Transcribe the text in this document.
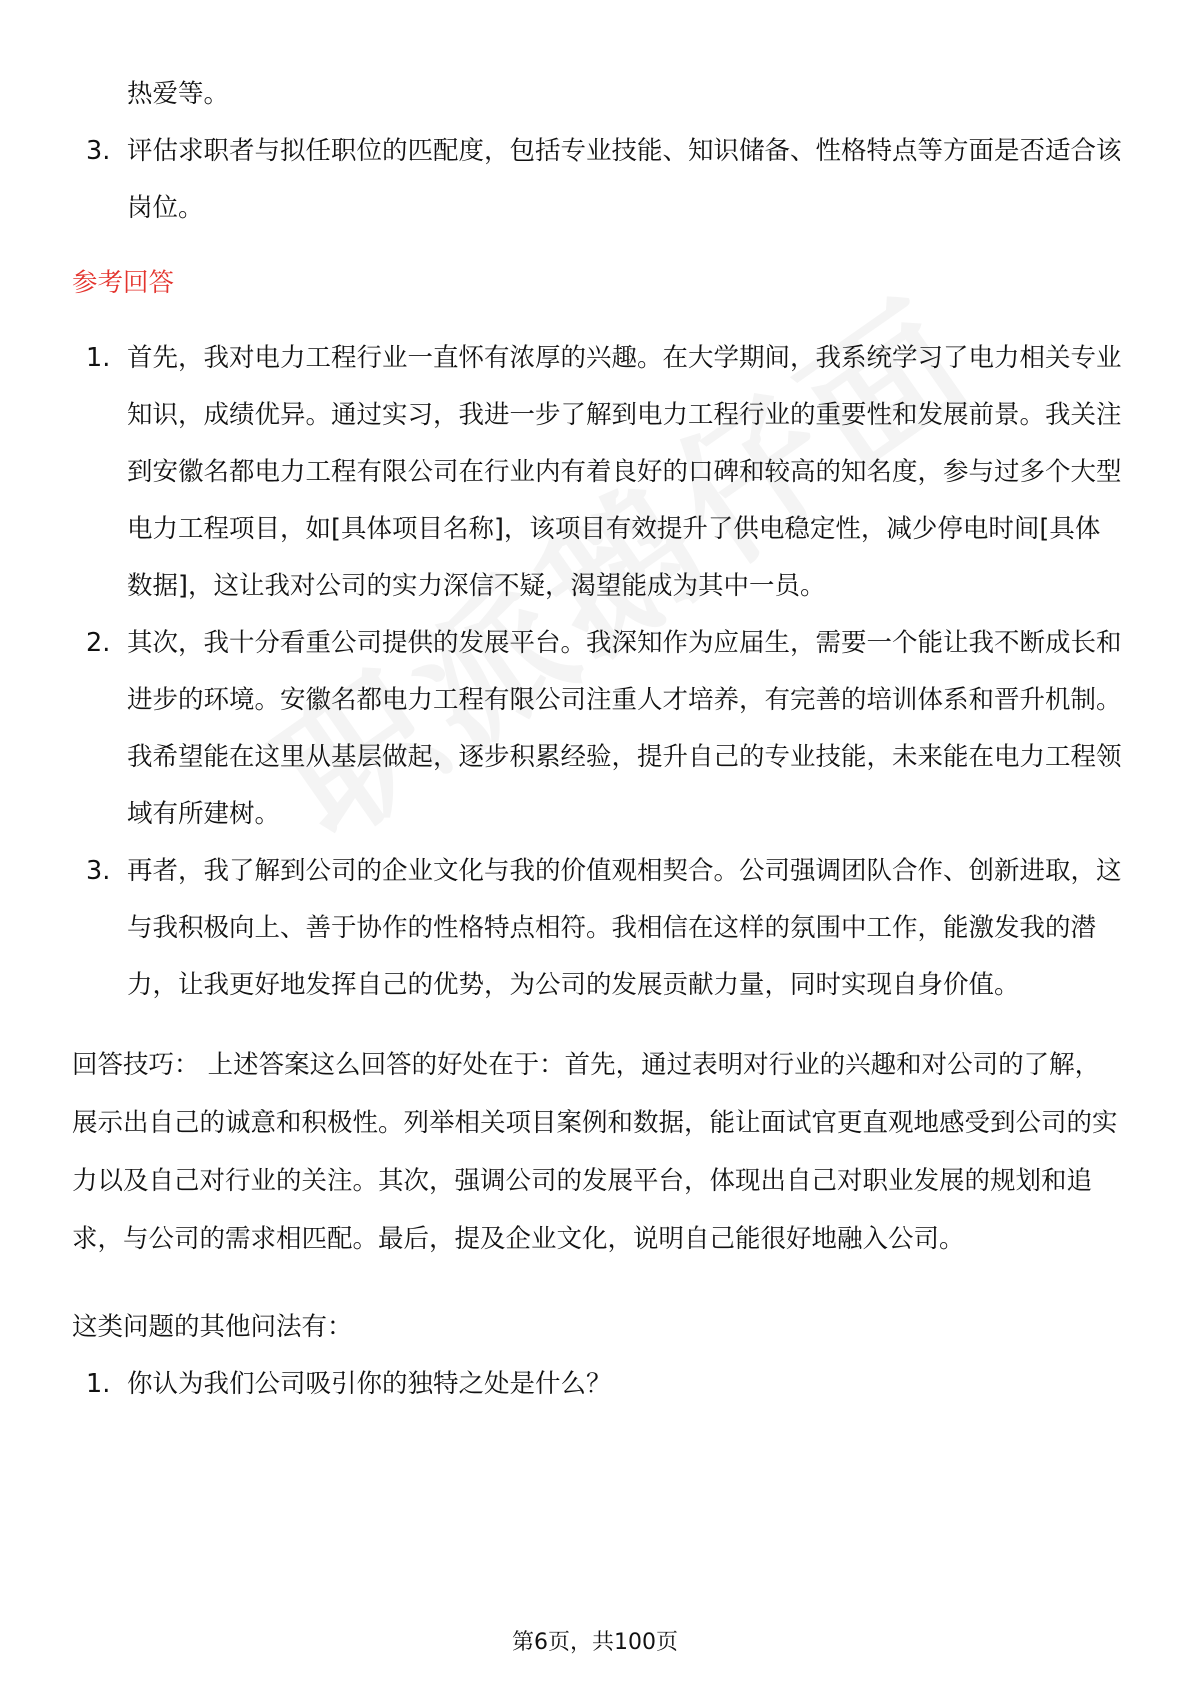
热爱等。
3. 评估求职者与拟任职位的匹配度，包括专业技能、知识储备、性格特点等方面是否适合该岗位。
参考回答
1. 首先，我对电力工程行业一直怀有浓厚的兴趣。在大学期间，我系统学习了电力相关专业知识，成绩优异。通过实习，我进一步了解到电力工程行业的重要性和发展前景。我关注到安徽名都电力工程有限公司在行业内有着良好的口碑和较高的知名度，参与过多个大型电力工程项目，如[具体项目名称]，该项目有效提升了供电稳定性，减少停电时间[具体数据]，这让我对公司的实力深信不疑，渴望能成为其中一员。
2. 其次，我十分看重公司提供的发展平台。我深知作为应届生，需要一个能让我不断成长和进步的环境。安徽名都电力工程有限公司注重人才培养，有完善的培训体系和晋升机制。我希望能在这里从基层做起，逐步积累经验，提升自己的专业技能，未来能在电力工程领域有所建树。
3. 再者，我了解到公司的企业文化与我的价值观相契合。公司强调团队合作、创新进取，这与我积极向上、善于协作的性格特点相符。我相信在这样的氛围中工作，能激发我的潜力，让我更好地发挥自己的优势，为公司的发展贡献力量，同时实现自身价值。
回答技巧： 上述答案这么回答的好处在于：首先，通过表明对行业的兴趣和对公司的了解，展示出自己的诚意和积极性。列举相关项目案例和数据，能让面试官更直观地感受到公司的实力以及自己对行业的关注。其次，强调公司的发展平台，体现出自己对职业发展的规划和追求，与公司的需求相匹配。最后，提及企业文化，说明自己能很好地融入公司。
这类问题的其他问法有：
1. 你认为我们公司吸引你的独特之处是什么？
第6页，共100页
